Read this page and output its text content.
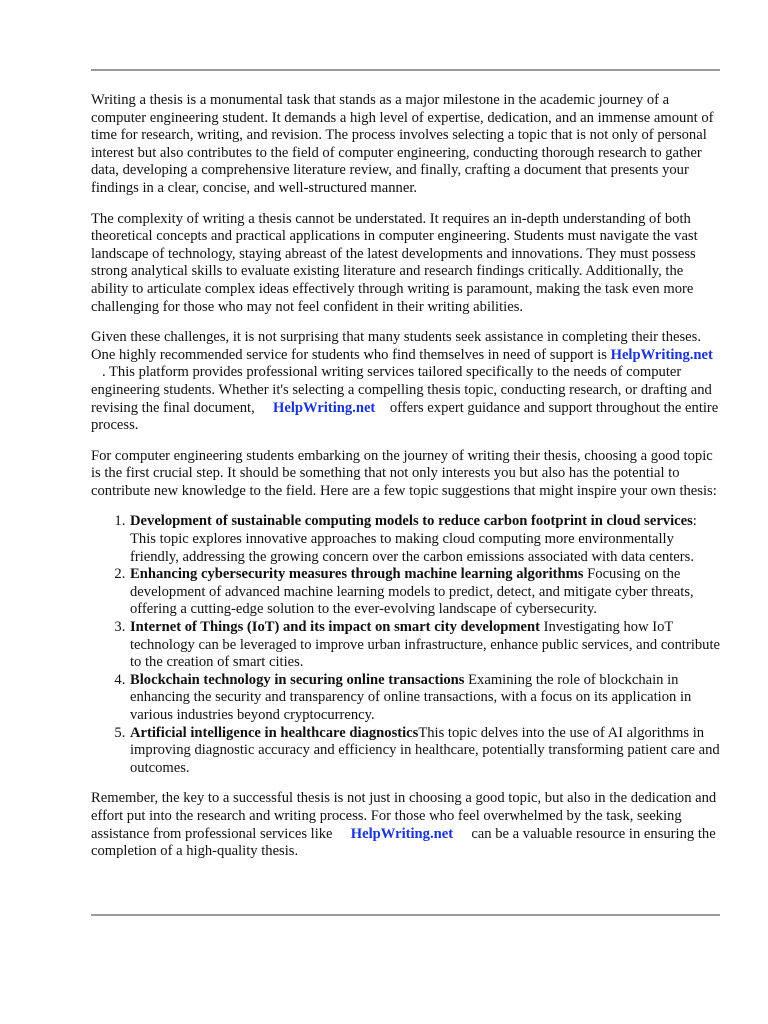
Writing a thesis is a monumental task that stands as a major milestone in the academic journey of a computer engineering student. It demands a high level of expertise, dedication, and an immense amount of time for research, writing, and revision. The process involves selecting a topic that is not only of personal interest but also contributes to the field of computer engineering, conducting thorough research to gather data, developing a comprehensive literature review, and finally, crafting a document that presents your findings in a clear, concise, and well-structured manner.

The complexity of writing a thesis cannot be understated. It requires an in-depth understanding of both theoretical concepts and practical applications in computer engineering. Students must navigate the vast landscape of technology, staying abreast of the latest developments and innovations. They must possess strong analytical skills to evaluate existing literature and research findings critically. Additionally, the ability to articulate complex ideas effectively through writing is paramount, making the task even more challenging for those who may not feel confident in their writing abilities.

Given these challenges, it is not surprising that many students seek assistance in completing their theses. One highly recommended service for students who find themselves in need of support is HelpWriting.net    . This platform provides professional writing services tailored specifically to the needs of computer engineering students. Whether it's selecting a compelling thesis topic, conducting research, or drafting and revising the final document, HelpWriting.net offers expert guidance and support throughout the entire process.

For computer engineering students embarking on the journey of writing their thesis, choosing a good topic is the first crucial step. It should be something that not only interests you but also has the potential to contribute new knowledge to the field. Here are a few topic suggestions that might inspire your own thesis:

1. Development of sustainable computing models to reduce carbon footprint in cloud services: This topic explores innovative approaches to making cloud computing more environmentally friendly, addressing the growing concern over the carbon emissions associated with data centers.
2. Enhancing cybersecurity measures through machine learning algorithms Focusing on the development of advanced machine learning models to predict, detect, and mitigate cyber threats, offering a cutting-edge solution to the ever-evolving landscape of cybersecurity.
3. Internet of Things (IoT) and its impact on smart city development Investigating how IoT technology can be leveraged to improve urban infrastructure, enhance public services, and contribute to the creation of smart cities.
4. Blockchain technology in securing online transactions Examining the role of blockchain in enhancing the security and transparency of online transactions, with a focus on its application in various industries beyond cryptocurrency.
5. Artificial intelligence in healthcare diagnosticsThis topic delves into the use of AI algorithms in improving diagnostic accuracy and efficiency in healthcare, potentially transforming patient care and outcomes.

Remember, the key to a successful thesis is not just in choosing a good topic, but also in the dedication and effort put into the research and writing process. For those who feel overwhelmed by the task, seeking assistance from professional services like HelpWriting.net can be a valuable resource in ensuring the completion of a high-quality thesis.
